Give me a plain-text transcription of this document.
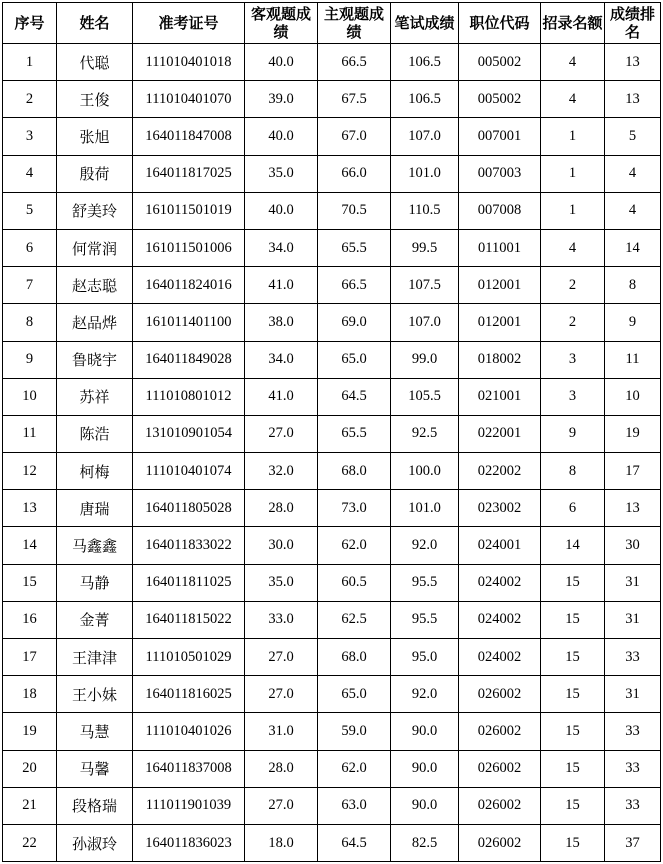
序号	姓名	准考证号	客观题成绩	主观题成绩	笔试成绩	职位代码	招录名额	成绩排名
1	代聪	111010401018	40.0	66.5	106.5	005002	4	13
2	王俊	111010401070	39.0	67.5	106.5	005002	4	13
3	张旭	164011847008	40.0	67.0	107.0	007001	1	5
4	殷荷	164011817025	35.0	66.0	101.0	007003	1	4
5	舒美玲	161011501019	40.0	70.5	110.5	007008	1	4
6	何常润	161011501006	34.0	65.5	99.5	011001	4	14
7	赵志聪	164011824016	41.0	66.5	107.5	012001	2	8
8	赵品烨	161011401100	38.0	69.0	107.0	012001	2	9
9	鲁晓宇	164011849028	34.0	65.0	99.0	018002	3	11
10	苏祥	111010801012	41.0	64.5	105.5	021001	3	10
11	陈浩	131010901054	27.0	65.5	92.5	022001	9	19
12	柯梅	111010401074	32.0	68.0	100.0	022002	8	17
13	唐瑞	164011805028	28.0	73.0	101.0	023002	6	13
14	马鑫鑫	164011833022	30.0	62.0	92.0	024001	14	30
15	马静	164011811025	35.0	60.5	95.5	024002	15	31
16	金菁	164011815022	33.0	62.5	95.5	024002	15	31
17	王津津	111010501029	27.0	68.0	95.0	024002	15	33
18	王小妹	164011816025	27.0	65.0	92.0	026002	15	31
19	马慧	111010401026	31.0	59.0	90.0	026002	15	33
20	马馨	164011837008	28.0	62.0	90.0	026002	15	33
21	段格瑞	111011901039	27.0	63.0	90.0	026002	15	33
22	孙淑玲	164011836023	18.0	64.5	82.5	026002	15	37
